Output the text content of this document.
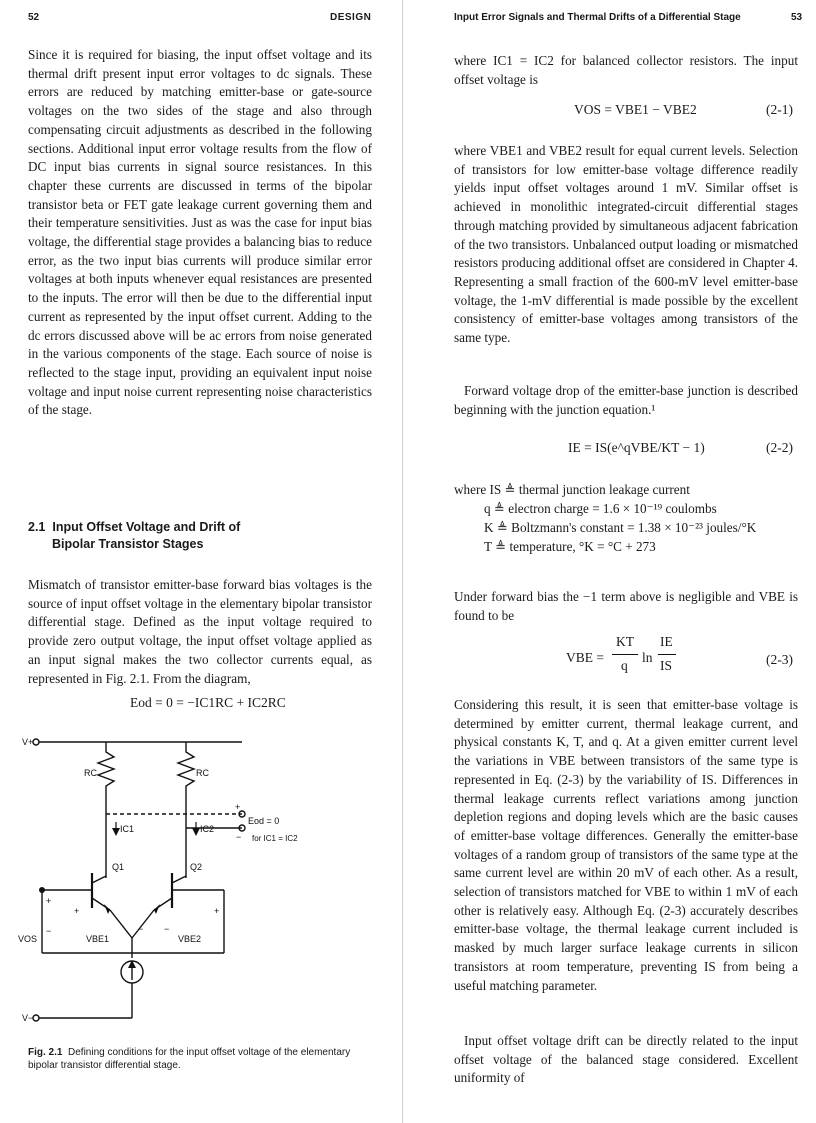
52	DESIGN

Since it is required for biasing, the input offset voltage and its thermal drift present input error voltages to dc signals. These errors are reduced by matching emitter-base or gate-source voltages on the two sides of the stage and also through compensating circuit adjustments as described in the following sections. Additional input error voltage results from the flow of DC input bias currents in signal source resistances. In this chapter these currents are discussed in terms of the bipolar transistor beta or FET gate leakage current governing them and their temperature sensitivities. Just as was the case for input bias voltage, the differential stage provides a balancing bias to reduce error, as the two input bias currents will produce similar error voltages at both inputs whenever equal resistances are presented to the inputs. The error will then be due to the differential input current as represented by the input offset current. Adding to the dc errors discussed above will be ac errors from noise generated in the various components of the stage. Each source of noise is reflected to the stage input, providing an equivalent input noise voltage and input noise current representing noise characteristics of the stage.

2.1 Input Offset Voltage and Drift of
Bipolar Transistor Stages

Mismatch of transistor emitter-base forward bias voltages is the source of input offset voltage in the elementary bipolar transistor differential stage. Defined as the input voltage required to provide zero output voltage, the input offset voltage applied as an input signal makes the two collector currents equal, as represented in Fig. 2.1. From the diagram,

Eod = 0 = −IC1RC + IC2RC
V+
V−
RC	RC
IC1	IC2
Q1	Q2
VOS	VBE1	VBE2
Eod = 0
for IC1 = IC2
+
−
+
−
+
−
+
−
Fig. 2.1 Defining conditions for the input offset voltage of the elementary bipolar transistor differential stage.
Input Error Signals and Thermal Drifts of a Differential Stage	53

where IC1 = IC2 for balanced collector resistors. The input offset voltage is

VOS = VBE1 − VBE2	(2-1)

where VBE1 and VBE2 result for equal current levels. Selection of transistors for low emitter-base voltage difference readily yields input offset voltages around 1 mV. Similar offset is achieved in monolithic integrated-circuit differential stages through matching provided by simultaneous adjacent fabrication of the two transistors. Unbalanced output loading or mismatched resistors producing additional offset are considered in Chapter 4. Representing a small fraction of the 600-mV level emitter-base voltage, the 1-mV differential is made possible by the excellent consistency of emitter-base voltages among transistors of the same type.

Forward voltage drop of the emitter-base junction is described beginning with the junction equation.¹

IE = IS(e^qVBE/KT − 1)	(2-2)
where IS ≜ thermal junction leakage current
q ≜ electron charge = 1.6 × 10⁻¹⁹ coulombs
K ≜ Boltzmann's constant = 1.38 × 10⁻²³ joules/°K
T ≜ temperature, °K = °C + 273

Under forward bias the −1 term above is negligible and VBE is found to be

VBE =
KT
q
ln
IE
IS	(2-3)

Considering this result, it is seen that emitter-base voltage is determined by emitter current, thermal leakage current, and physical constants K, T, and q. At a given emitter current level the variations in VBE between transistors of the same type is represented in Eq. (2-3) by the variability of IS. Differences in thermal leakage currents reflect variations among junction depletion regions and doping levels which are the basic causes of emitter-base voltage differences. Generally the emitter-base voltages of a random group of transistors of the same type at the same current level are within 20 mV of each other. As a result, selection of transistors matched for VBE to within 1 mV of each other is relatively easy. Although Eq. (2-3) accurately describes emitter-base voltage, the thermal leakage current included is masked by much larger surface leakage currents in silicon transistors at room temperature, preventing IS from being a useful matching parameter.

Input offset voltage drift can be directly related to the input offset voltage of the balanced stage considered. Excellent uniformity of
